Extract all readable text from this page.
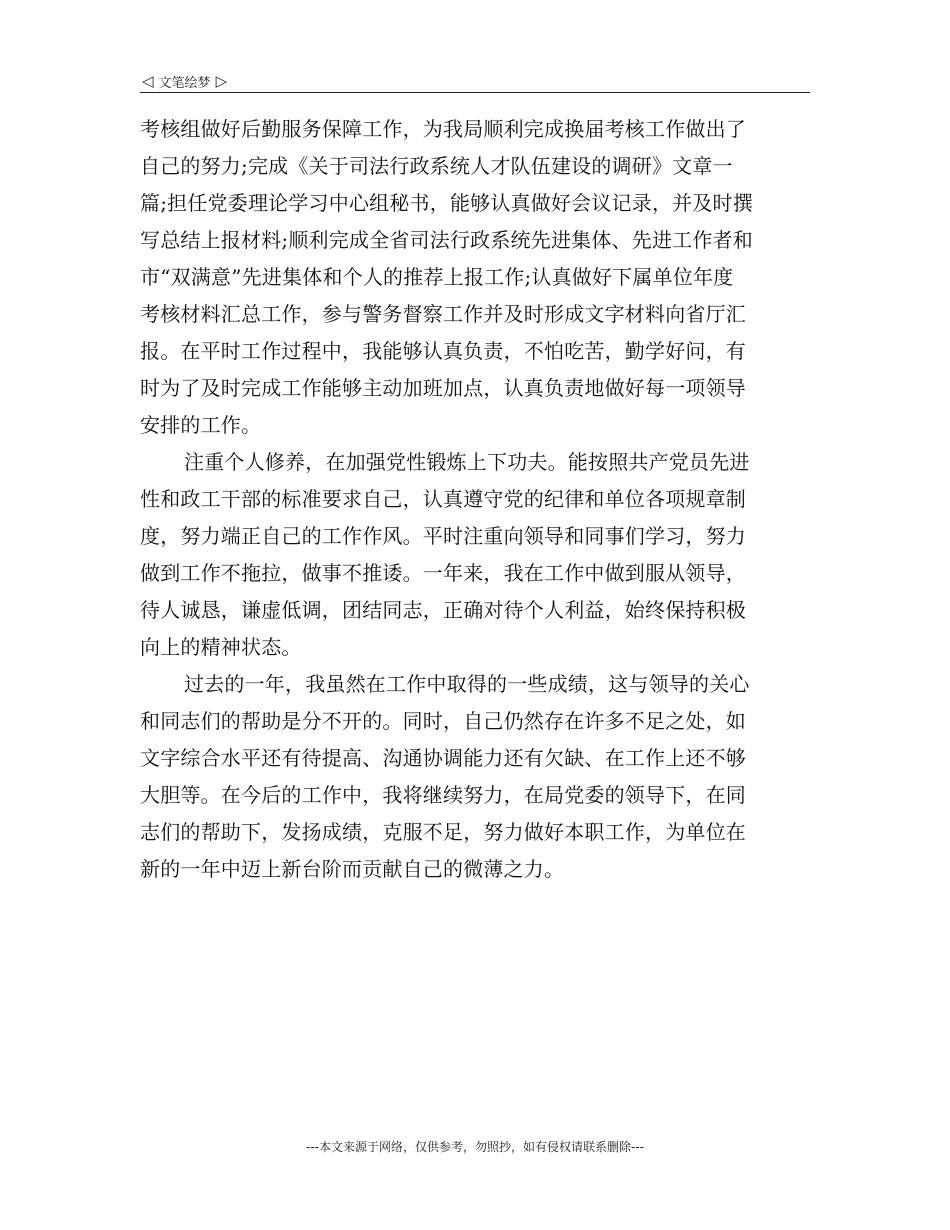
◁ 文笔绘梦 ▷
考核组做好后勤服务保障工作，为我局顺利完成换届考核工作做出了
自己的努力;完成《关于司法行政系统人才队伍建设的调研》文章一
篇;担任党委理论学习中心组秘书，能够认真做好会议记录，并及时撰
写总结上报材料;顺利完成全省司法行政系统先进集体、先进工作者和
市“双满意”先进集体和个人的推荐上报工作;认真做好下属单位年度
考核材料汇总工作，参与警务督察工作并及时形成文字材料向省厅汇
报。在平时工作过程中，我能够认真负责，不怕吃苦，勤学好问，有
时为了及时完成工作能够主动加班加点，认真负责地做好每一项领导
安排的工作。
注重个人修养，在加强党性锻炼上下功夫。能按照共产党员先进
性和政工干部的标准要求自己，认真遵守党的纪律和单位各项规章制
度，努力端正自己的工作作风。平时注重向领导和同事们学习，努力
做到工作不拖拉，做事不推诿。一年来，我在工作中做到服从领导，
待人诚恳，谦虚低调，团结同志，正确对待个人利益，始终保持积极
向上的精神状态。
过去的一年，我虽然在工作中取得的一些成绩，这与领导的关心
和同志们的帮助是分不开的。同时，自己仍然存在许多不足之处，如
文字综合水平还有待提高、沟通协调能力还有欠缺、在工作上还不够
大胆等。在今后的工作中，我将继续努力，在局党委的领导下，在同
志们的帮助下，发扬成绩，克服不足，努力做好本职工作，为单位在
新的一年中迈上新台阶而贡献自己的微薄之力。
---本文来源于网络，仅供参考，勿照抄，如有侵权请联系删除---
